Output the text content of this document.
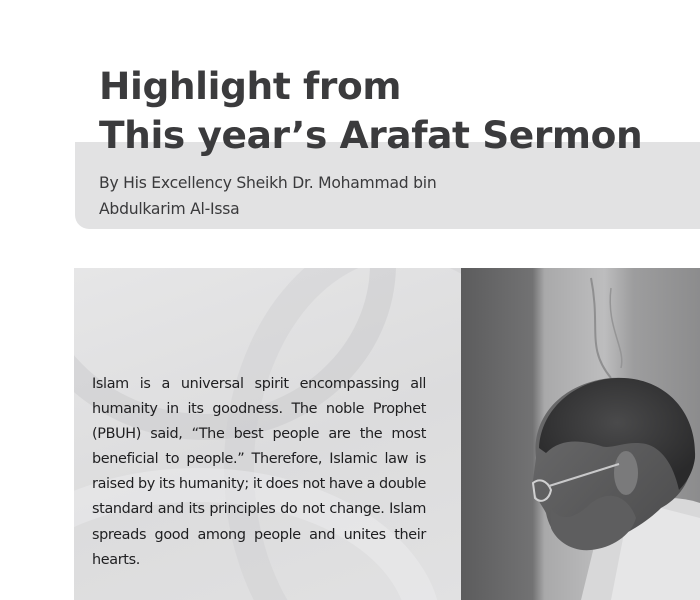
Highlight from
This year’s Arafat Sermon

By His Excellency Sheikh Dr. Mohammad bin
Abdulkarim Al-Issa

Islam is a universal spirit encompassing all humanity in its goodness. The noble Prophet (PBUH) said, “The best people are the most beneficial to people.” Therefore, Islamic law is raised by its humanity; it does not have a double standard and its principles do not change. Islam spreads good among people and unites their hearts.
